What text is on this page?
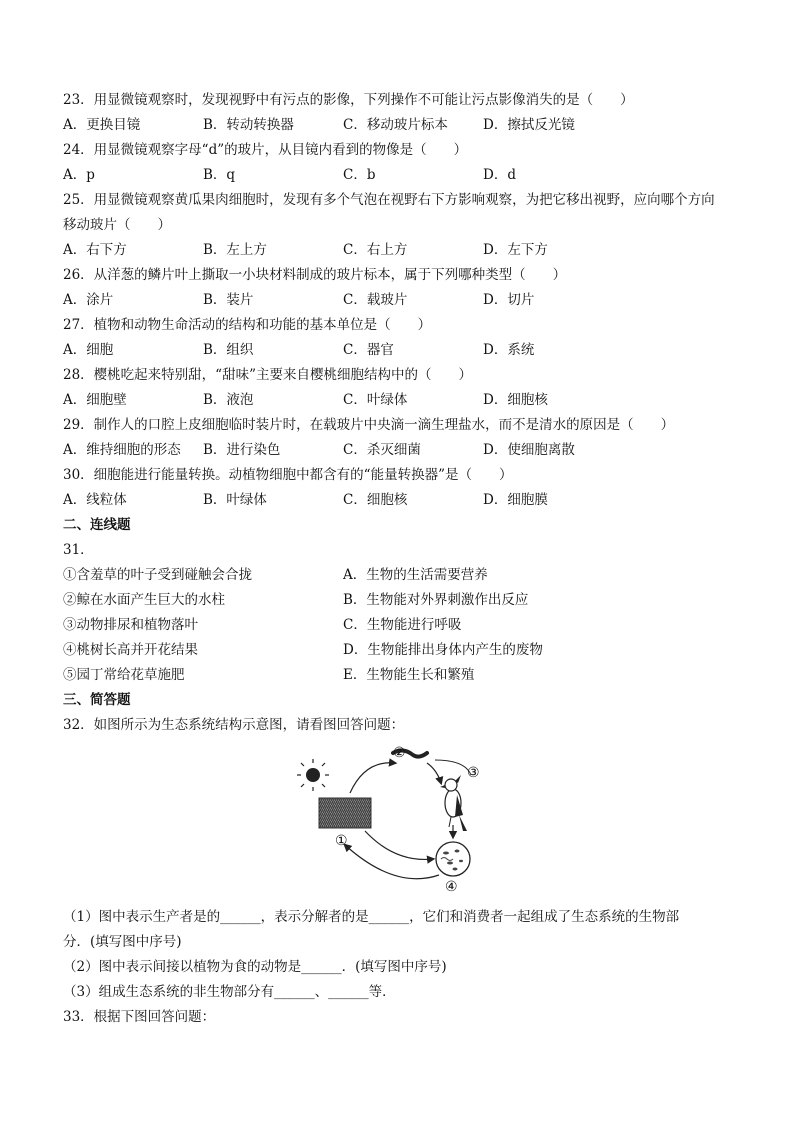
23．用显微镜观察时，发现视野中有污点的影像，下列操作不可能让污点影像消失的是（　　）
A．更换目镜	B．转动转换器	C．移动玻片标本	D．擦拭反光镜
24．用显微镜观察字母“d”的玻片，从目镜内看到的物像是（　　）
A．p	B．q	C．b	D．d
25．用显微镜观察黄瓜果肉细胞时，发现有多个气泡在视野右下方影响观察，为把它移出视野，应向哪个方向
移动玻片（　　）
A．右下方	B．左上方	C．右上方	D．左下方
26．从洋葱的鳞片叶上撕取一小块材料制成的玻片标本，属于下列哪种类型（　　）
A．涂片	B．装片	C．载玻片	D．切片
27．植物和动物生命活动的结构和功能的基本单位是（　　）
A．细胞	B．组织	C．器官	D．系统
28．樱桃吃起来特别甜，“甜味”主要来自樱桃细胞结构中的（　　）
A．细胞壁	B．液泡	C．叶绿体	D．细胞核
29．制作人的口腔上皮细胞临时装片时，在载玻片中央滴一滴生理盐水，而不是清水的原因是（　　）
A．维持细胞的形态 B．进行染色	C．杀灭细菌	D．使细胞离散
30．细胞能进行能量转换。动植物细胞中都含有的“能量转换器”是（　　）
A．线粒体	B．叶绿体	C．细胞核	D．细胞膜
二、连线题
31．
①含羞草的叶子受到碰触会合拢	A．生物的生活需要营养
②鲸在水面产生巨大的水柱	B．生物能对外界刺激作出反应
③动物排尿和植物落叶	C．生物能进行呼吸
④桃树长高并开花结果	D．生物能排出身体内产生的废物
⑤园丁常给花草施肥	E．生物能生长和繁殖
三、简答题
32．如图所示为生态系统结构示意图，请看图回答问题：
①
②
③
④
（1）图中表示生产者是的______，表示分解者的是______，它们和消费者一起组成了生态系统的生物部
分．(填写图中序号)
（2）图中表示间接以植物为食的动物是______．(填写图中序号)
（3）组成生态系统的非生物部分有______、______等．
33．根据下图回答问题：
